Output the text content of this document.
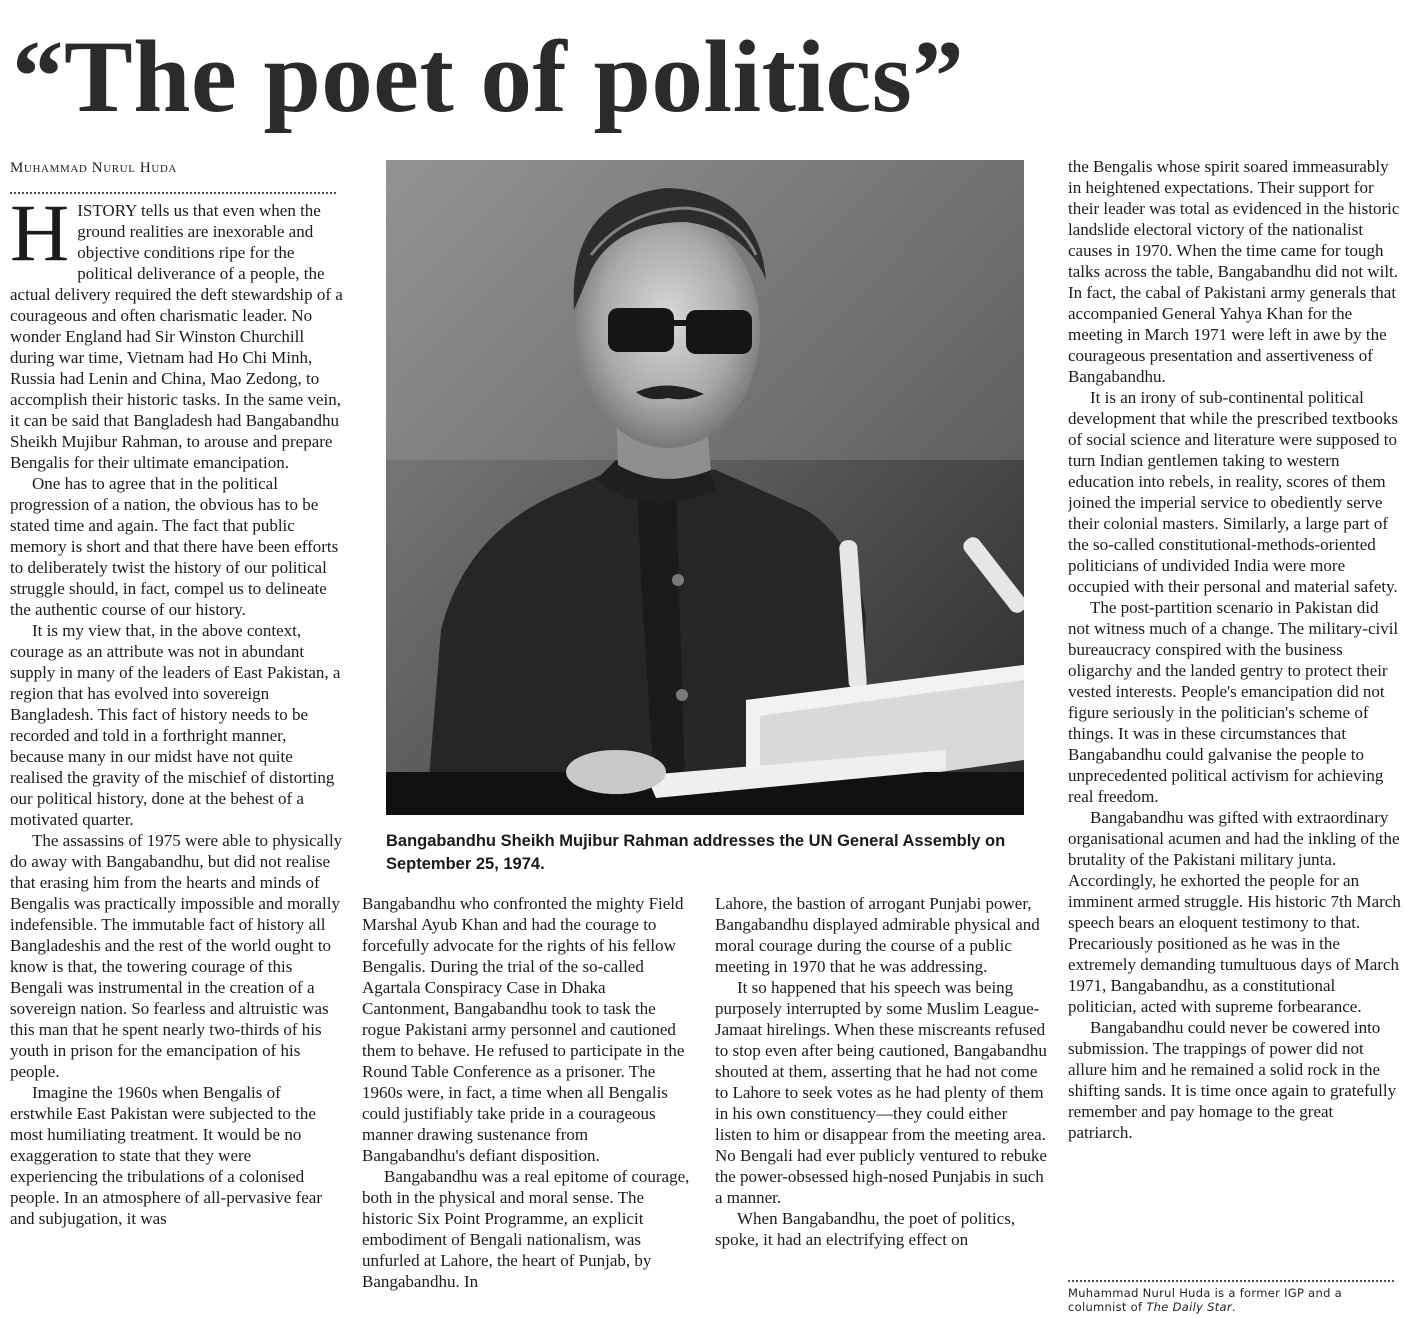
“The poet of politics”
Muhammad Nurul Huda

HISTORY tells us that even when the ground realities are inexorable and objective conditions ripe for the political deliverance of a people, the actual delivery required the deft stewardship of a courageous and often charismatic leader. No wonder England had Sir Winston Churchill during war time, Vietnam had Ho Chi Minh, Russia had Lenin and China, Mao Zedong, to accomplish their historic tasks. In the same vein, it can be said that Bangladesh had Bangabandhu Sheikh Mujibur Rahman, to arouse and prepare Bengalis for their ultimate emancipation.

One has to agree that in the political progression of a nation, the obvious has to be stated time and again. The fact that public memory is short and that there have been efforts to deliberately twist the history of our political struggle should, in fact, compel us to delineate the authentic course of our history.

It is my view that, in the above context, courage as an attribute was not in abundant supply in many of the leaders of East Pakistan, a region that has evolved into sovereign Bangladesh. This fact of history needs to be recorded and told in a forthright manner, because many in our midst have not quite realised the gravity of the mischief of distorting our political history, done at the behest of a motivated quarter.

The assassins of 1975 were able to physically do away with Bangabandhu, but did not realise that erasing him from the hearts and minds of Bengalis was practically impossible and morally indefensible. The immutable fact of history all Bangladeshis and the rest of the world ought to know is that, the towering courage of this Bengali was instrumental in the creation of a sovereign nation. So fearless and altruistic was this man that he spent nearly two-thirds of his youth in prison for the emancipation of his people.

Imagine the 1960s when Bengalis of erstwhile East Pakistan were subjected to the most humiliating treatment. It would be no exaggeration to state that they were experiencing the tribulations of a colonised people. In an atmosphere of all-pervasive fear and subjugation, it was

Bangabandhu Sheikh Mujibur Rahman addresses the UN General Assembly on September 25, 1974.

Bangabandhu who confronted the mighty Field Marshal Ayub Khan and had the courage to forcefully advocate for the rights of his fellow Bengalis. During the trial of the so-called Agartala Conspiracy Case in Dhaka Cantonment, Bangabandhu took to task the rogue Pakistani army personnel and cautioned them to behave. He refused to participate in the Round Table Conference as a prisoner. The 1960s were, in fact, a time when all Bengalis could justifiably take pride in a courageous manner drawing sustenance from Bangabandhu's defiant disposition.

Bangabandhu was a real epitome of courage, both in the physical and moral sense. The historic Six Point Programme, an explicit embodiment of Bengali nationalism, was unfurled at Lahore, the heart of Punjab, by Bangabandhu. In

Lahore, the bastion of arrogant Punjabi power, Bangabandhu displayed admirable physical and moral courage during the course of a public meeting in 1970 that he was addressing.

It so happened that his speech was being purposely interrupted by some Muslim League-Jamaat hirelings. When these miscreants refused to stop even after being cautioned, Bangabandhu shouted at them, asserting that he had not come to Lahore to seek votes as he had plenty of them in his own constituency—they could either listen to him or disappear from the meeting area. No Bengali had ever publicly ventured to rebuke the power-obsessed high-nosed Punjabis in such a manner.

When Bangabandhu, the poet of politics, spoke, it had an electrifying effect on

the Bengalis whose spirit soared immeasurably in heightened expectations. Their support for their leader was total as evidenced in the historic landslide electoral victory of the nationalist causes in 1970. When the time came for tough talks across the table, Bangabandhu did not wilt. In fact, the cabal of Pakistani army generals that accompanied General Yahya Khan for the meeting in March 1971 were left in awe by the courageous presentation and assertiveness of Bangabandhu.

It is an irony of sub-continental political development that while the prescribed textbooks of social science and literature were supposed to turn Indian gentlemen taking to western education into rebels, in reality, scores of them joined the imperial service to obediently serve their colonial masters. Similarly, a large part of the so-called constitutional-methods-oriented politicians of undivided India were more occupied with their personal and material safety.

The post-partition scenario in Pakistan did not witness much of a change. The military-civil bureaucracy conspired with the business oligarchy and the landed gentry to protect their vested interests. People's emancipation did not figure seriously in the politician's scheme of things. It was in these circumstances that Bangabandhu could galvanise the people to unprecedented political activism for achieving real freedom.

Bangabandhu was gifted with extraordinary organisational acumen and had the inkling of the brutality of the Pakistani military junta. Accordingly, he exhorted the people for an imminent armed struggle. His historic 7th March speech bears an eloquent testimony to that. Precariously positioned as he was in the extremely demanding tumultuous days of March 1971, Bangabandhu, as a constitutional politician, acted with supreme forbearance.

Bangabandhu could never be cowered into submission. The trappings of power did not allure him and he remained a solid rock in the shifting sands. It is time once again to gratefully remember and pay homage to the great patriarch.

Muhammad Nurul Huda is a former IGP and a columnist of The Daily Star.
